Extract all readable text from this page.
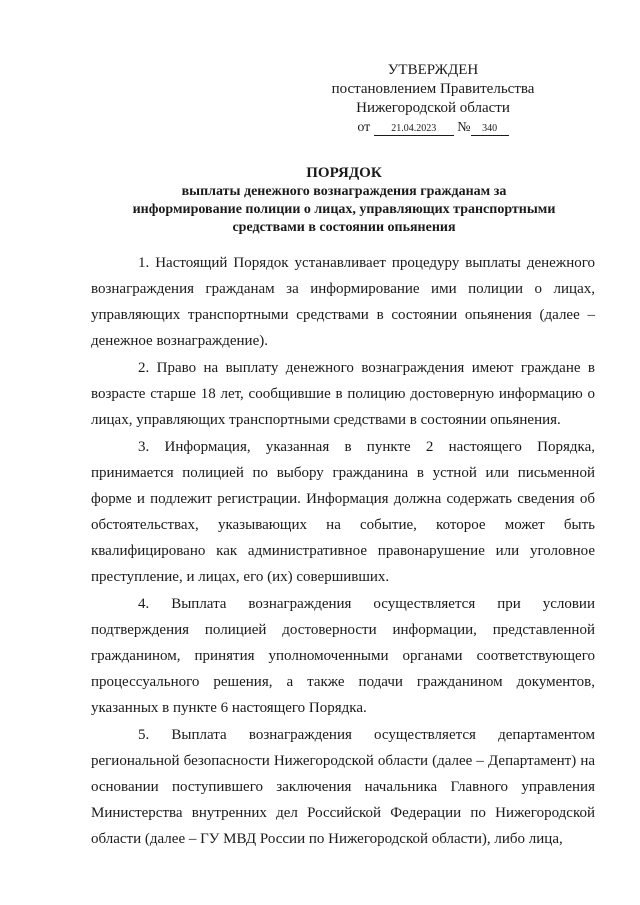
УТВЕРЖДЕН
постановлением Правительства
Нижегородской области
от 21.04.2023 № 340
ПОРЯДОК
выплаты денежного вознаграждения гражданам за
информирование полиции о лицах, управляющих транспортными
средствами в состоянии опьянения

1. Настоящий Порядок устанавливает процедуру выплаты денежного вознаграждения гражданам за информирование ими полиции о лицах, управляющих транспортными средствами в состоянии опьянения (далее – денежное вознаграждение).

2. Право на выплату денежного вознаграждения имеют граждане в возрасте старше 18 лет, сообщившие в полицию достоверную информацию о лицах, управляющих транспортными средствами в состоянии опьянения.

3. Информация, указанная в пункте 2 настоящего Порядка, принимается полицией по выбору гражданина в устной или письменной форме и подлежит регистрации. Информация должна содержать сведения об обстоятельствах, указывающих на событие, которое может быть квалифицировано как административное правонарушение или уголовное преступление, и лицах, его (их) совершивших.

4. Выплата вознаграждения осуществляется при условии подтверждения полицией достоверности информации, представленной гражданином, принятия уполномоченными органами соответствующего процессуального решения, а также подачи гражданином документов, указанных в пункте 6 настоящего Порядка.

5. Выплата вознаграждения осуществляется департаментом региональной безопасности Нижегородской области (далее – Департамент) на основании поступившего заключения начальника Главного управления Министерства внутренних дел Российской Федерации по Нижегородской области (далее – ГУ МВД России по Нижегородской области), либо лица,
